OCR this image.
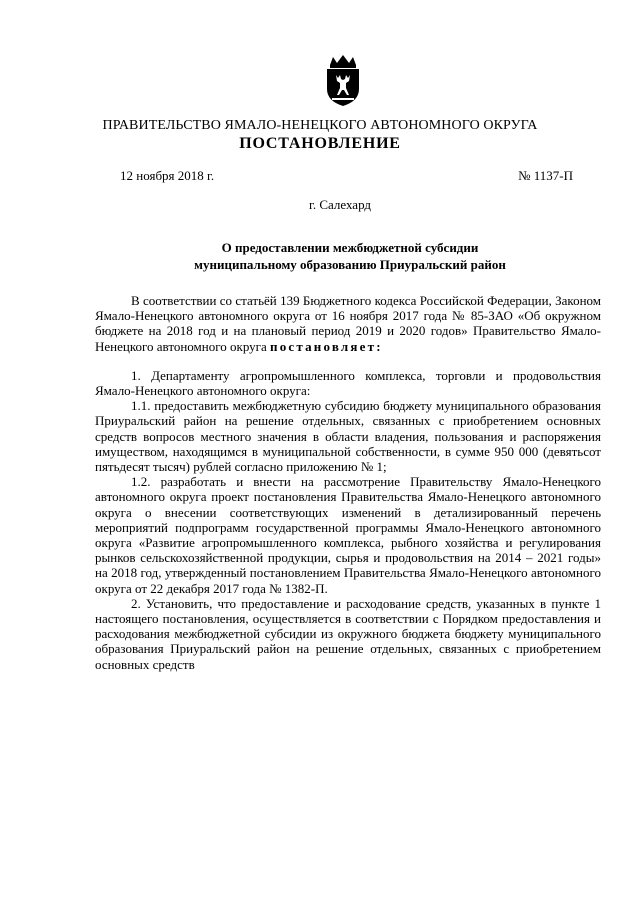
ПРАВИТЕЛЬСТВО ЯМАЛО-НЕНЕЦКОГО АВТОНОМНОГО ОКРУГА
ПОСТАНОВЛЕНИЕ
12 ноября 2018 г.	№ 1137-П
г. Салехард
О предоставлении межбюджетной субсидии
муниципальному образованию Приуральский район

В соответствии со статьёй 139 Бюджетного кодекса Российской Федерации, Законом Ямало-Ненецкого автономного округа от 16 ноября 2017 года № 85-ЗАО «Об окружном бюджете на 2018 год и на плановый период 2019 и 2020 годов» Правительство Ямало-Ненецкого автономного округа постановляет:

1. Департаменту агропромышленного комплекса, торговли и продовольствия Ямало-Ненецкого автономного округа:

1.1. предоставить межбюджетную субсидию бюджету муниципального образования Приуральский район на решение отдельных, связанных с приобретением основных средств вопросов местного значения в области владения, пользования и распоряжения имуществом, находящимся в муниципальной собственности, в сумме 950 000 (девятьсот пятьдесят тысяч) рублей согласно приложению № 1;

1.2. разработать и внести на рассмотрение Правительству Ямало-Ненецкого автономного округа проект постановления Правительства Ямало-Ненецкого автономного округа о внесении соответствующих изменений в детализированный перечень мероприятий подпрограмм государственной программы Ямало-Ненецкого автономного округа «Развитие агропромышленного комплекса, рыбного хозяйства и регулирования рынков сельскохозяйственной продукции, сырья и продовольствия на 2014 – 2021 годы» на 2018 год, утвержденный постановлением Правительства Ямало-Ненецкого автономного округа от 22 декабря 2017 года № 1382-П.

2. Установить, что предоставление и расходование средств, указанных в пункте 1 настоящего постановления, осуществляется в соответствии с Порядком предоставления и расходования межбюджетной субсидии из окружного бюджета бюджету муниципального образования Приуральский район на решение отдельных, связанных с приобретением основных средств
